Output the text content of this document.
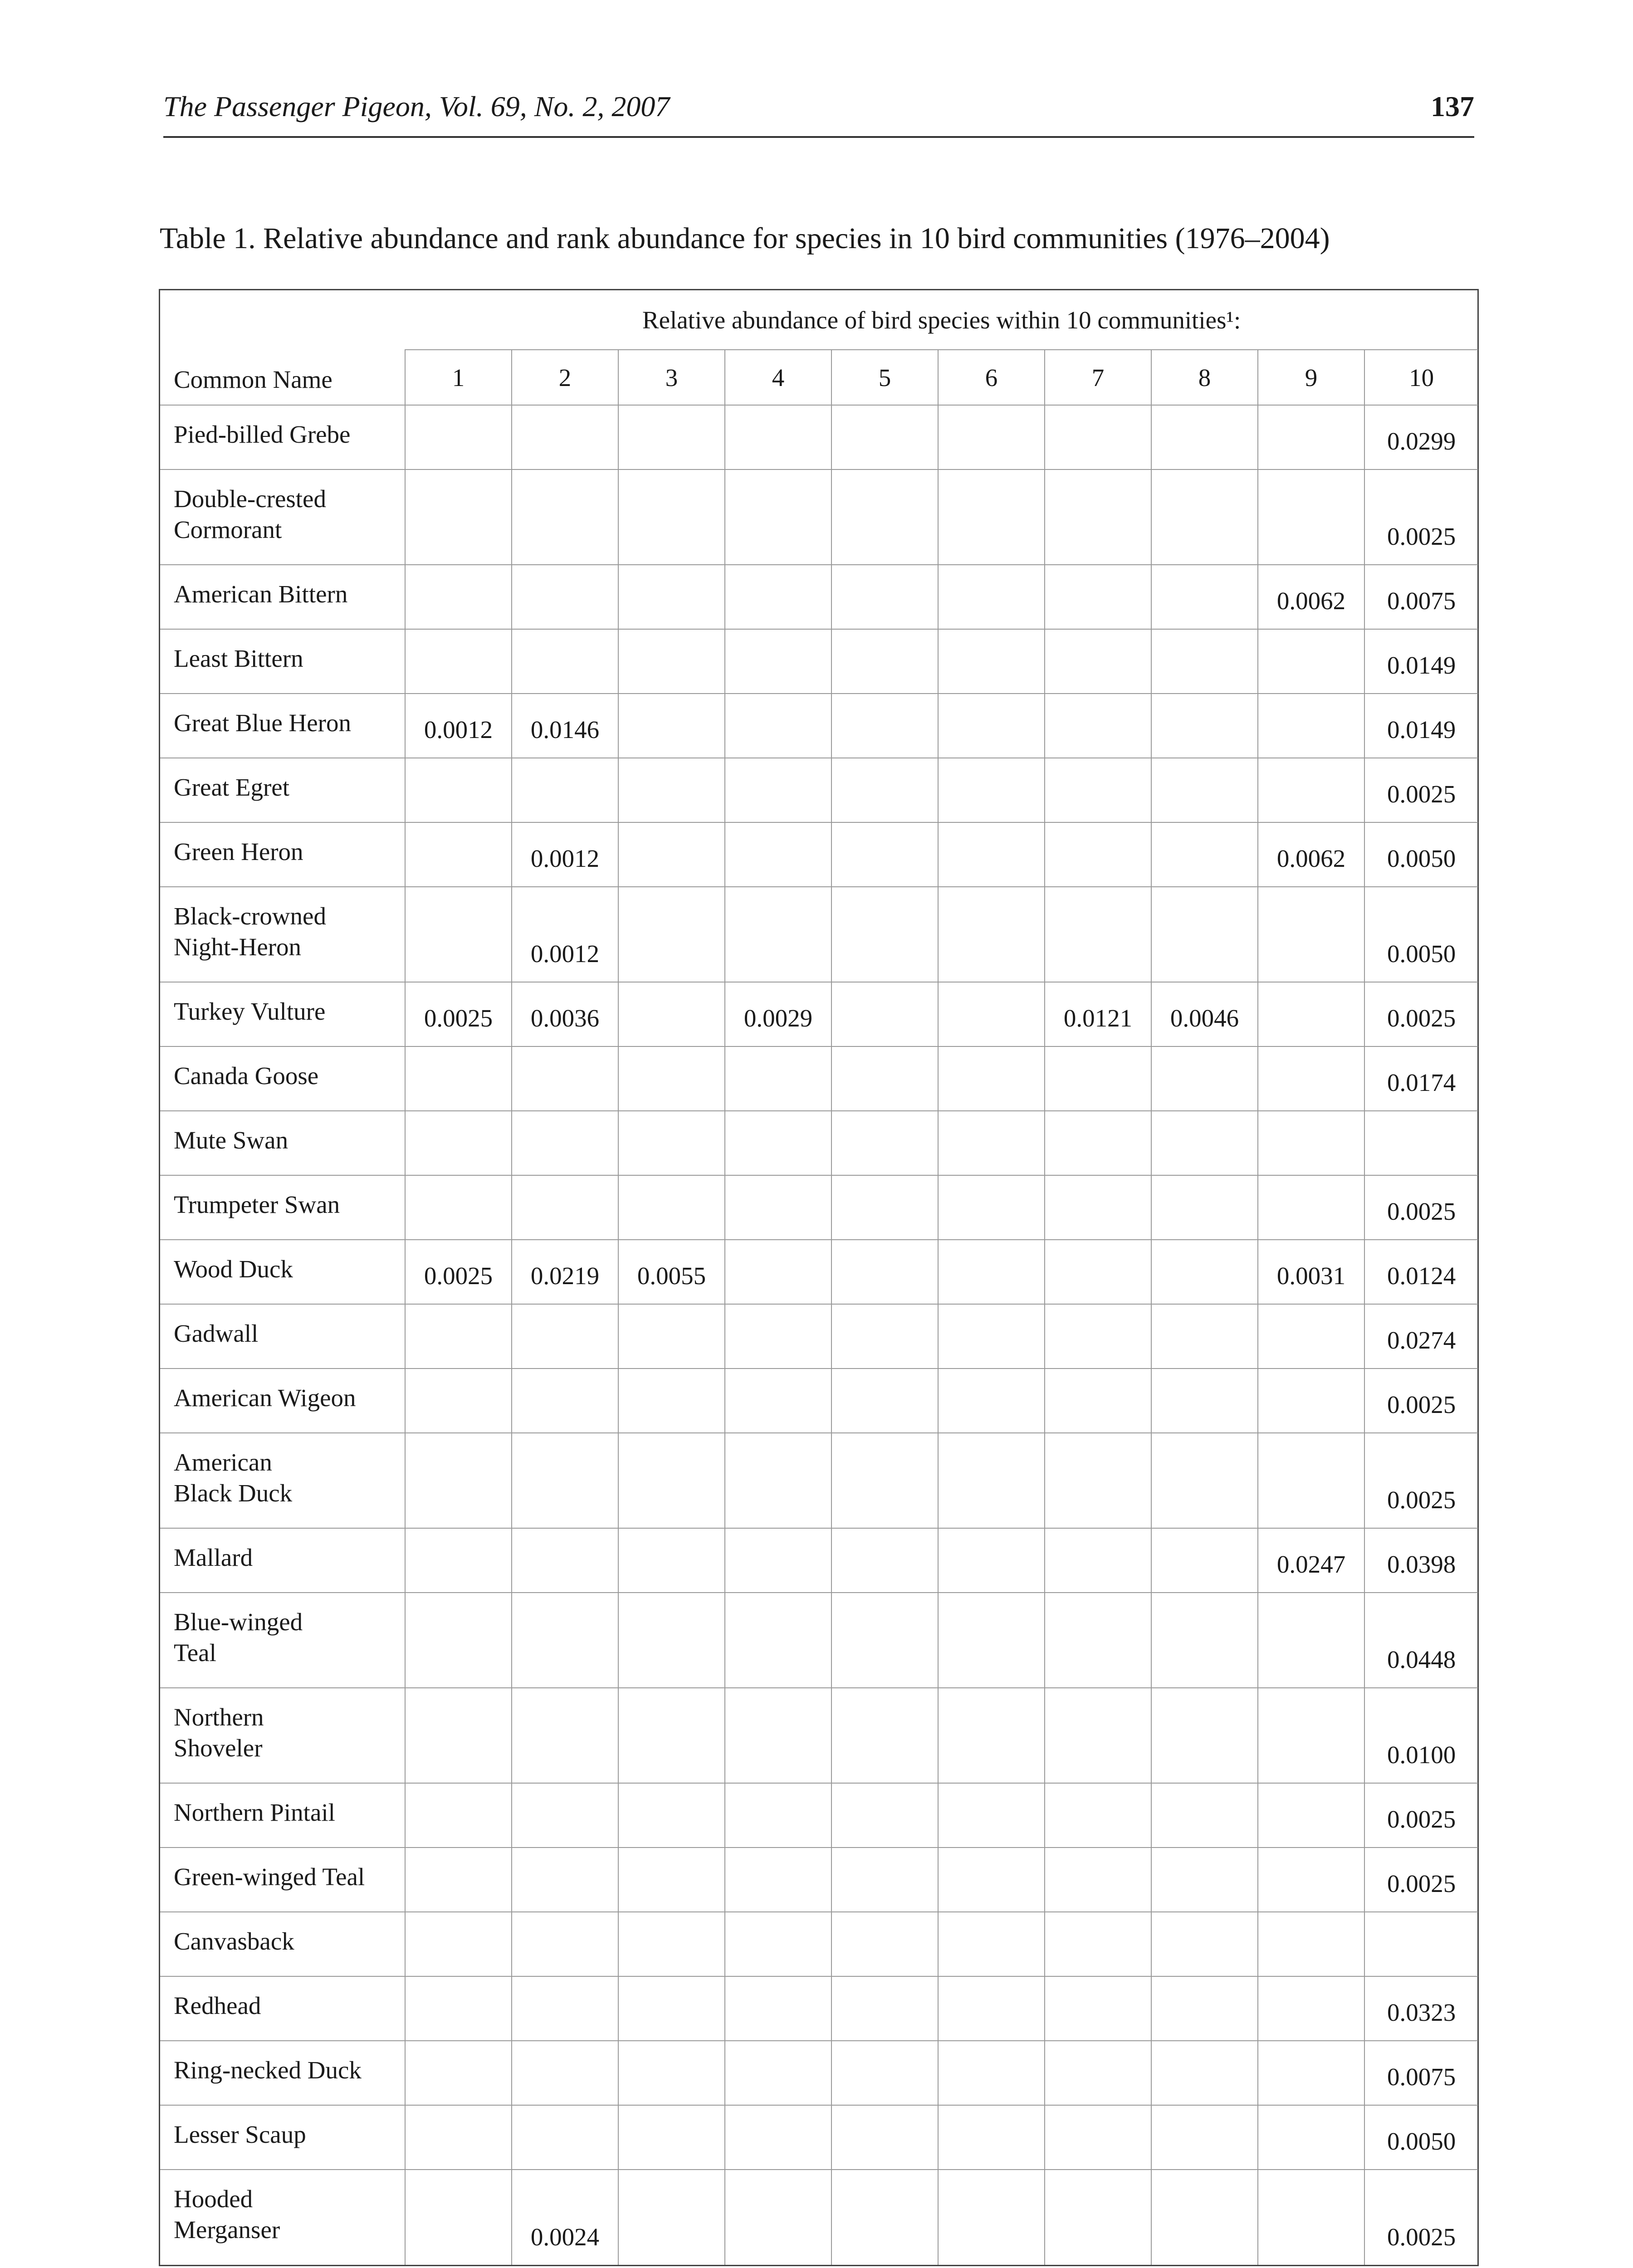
The Passenger Pigeon, Vol. 69, No. 2, 2007	137
Table 1. Relative abundance and rank abundance for species in 10 bird communities (1976–2004)
Common Name	Relative abundance of bird species within 10 communities¹:									
	1	2	3	4	5	6	7	8	9	10

Pied-billed Grebe										0.0299

Double-crested
Cormorant										0.0025

American Bittern									0.0062	0.0075

Least Bittern										0.0149

Great Blue Heron	0.0012	0.0146								0.0149

Great Egret										0.0025

Green Heron		0.0012							0.0062	0.0050

Black-crowned
Night-Heron		0.0012								0.0050

Turkey Vulture	0.0025	0.0036		0.0029			0.0121	0.0046		0.0025

Canada Goose										0.0174

Mute Swan										

Trumpeter Swan										0.0025

Wood Duck	0.0025	0.0219	0.0055						0.0031	0.0124

Gadwall										0.0274

American Wigeon										0.0025

American
Black Duck										0.0025

Mallard									0.0247	0.0398

Blue-winged
Teal										0.0448

Northern
Shoveler										0.0100

Northern Pintail										0.0025

Green-winged Teal										0.0025

Canvasback										

Redhead										0.0323

Ring-necked Duck										0.0075

Lesser Scaup										0.0050

Hooded
Merganser		0.0024								0.0025
